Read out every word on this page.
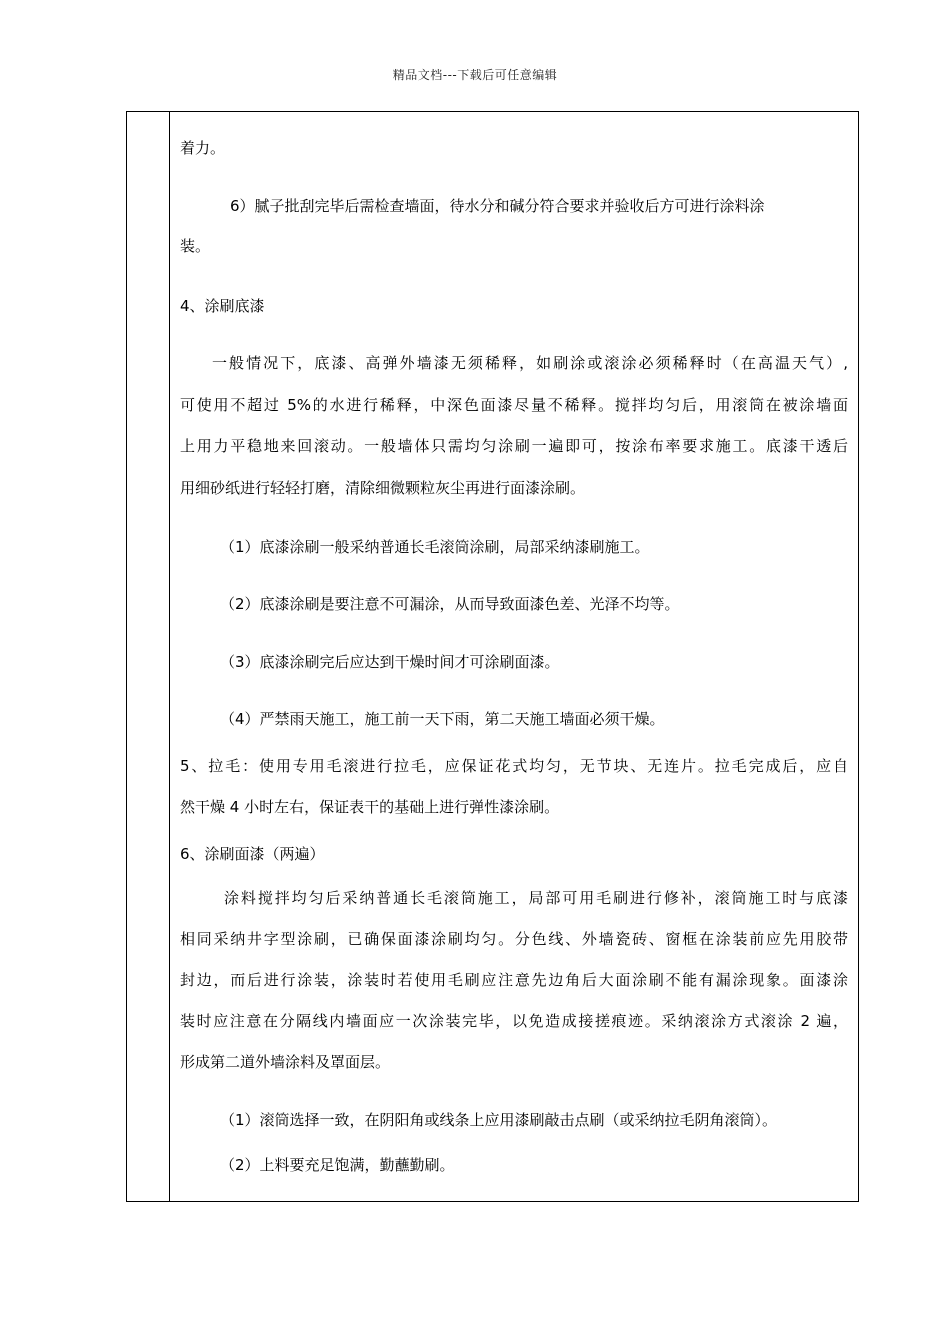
精品文档---下载后可任意编辑
着力。
6）腻子批刮完毕后需检查墙面，待水分和碱分符合要求并验收后方可进行涂料涂
装。
4、涂刷底漆
一般情况下，底漆、高弹外墙漆无须稀释，如刷涂或滚涂必须稀释时（在高温天气）,
可使用不超过 5%的水进行稀释，中深色面漆尽量不稀释。搅拌均匀后，用滚筒在被涂墙面
上用力平稳地来回滚动。一般墙体只需均匀涂刷一遍即可，按涂布率要求施工。底漆干透后
用细砂纸进行轻轻打磨，清除细微颗粒灰尘再进行面漆涂刷。
（1）底漆涂刷一般采纳普通长毛滚筒涂刷，局部采纳漆刷施工。
（2）底漆涂刷是要注意不可漏涂，从而导致面漆色差、光泽不均等。
（3）底漆涂刷完后应达到干燥时间才可涂刷面漆。
（4）严禁雨天施工，施工前一天下雨，第二天施工墙面必须干燥。
5、拉毛：使用专用毛滚进行拉毛，应保证花式均匀，无节块、无连片。拉毛完成后，应自
然干燥 4 小时左右，保证表干的基础上进行弹性漆涂刷。
6、涂刷面漆（两遍）
涂料搅拌均匀后采纳普通长毛滚筒施工，局部可用毛刷进行修补，滚筒施工时与底漆
相同采纳井字型涂刷，已确保面漆涂刷均匀。分色线、外墙瓷砖、窗框在涂装前应先用胶带
封边，而后进行涂装，涂装时若使用毛刷应注意先边角后大面涂刷不能有漏涂现象。面漆涂
装时应注意在分隔线内墙面应一次涂装完毕，以免造成接搓痕迹。采纳滚涂方式滚涂 2 遍，
形成第二道外墙涂料及罩面层。
（1）滚筒选择一致，在阴阳角或线条上应用漆刷敲击点刷（或采纳拉毛阴角滚筒）。
（2）上料要充足饱满，勤蘸勤刷。
